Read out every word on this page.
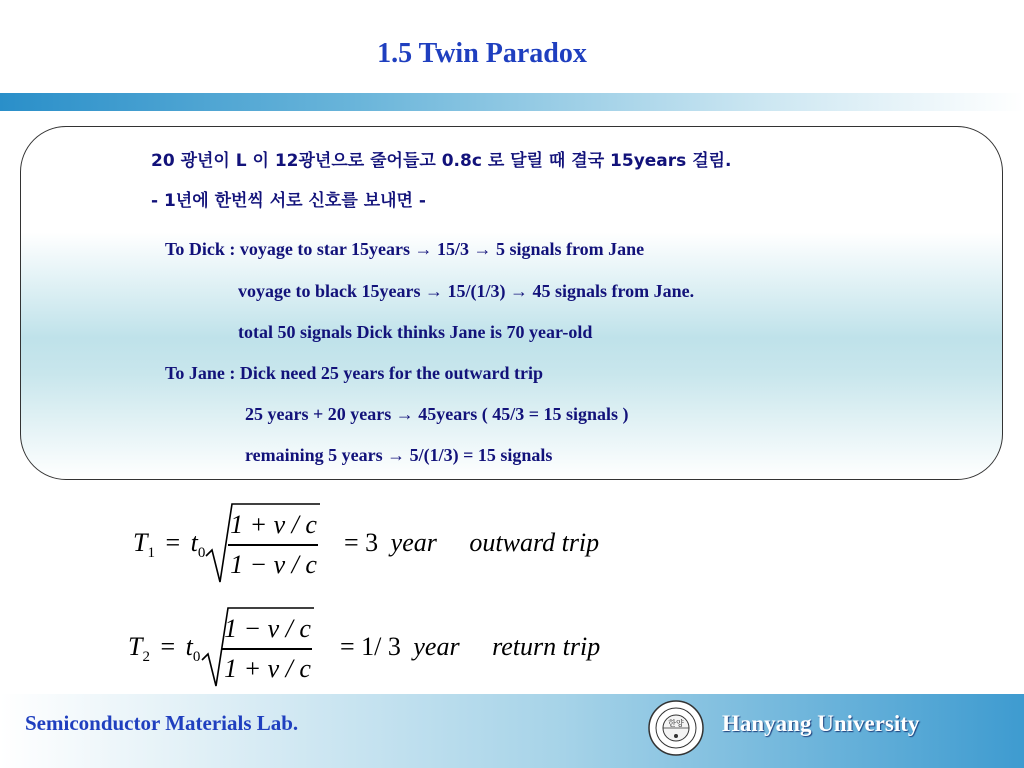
1.5 Twin Paradox
20 광년이 L 이 12광년으로 줄어들고 0.8c 로 달릴 때 결국 15years 걸림.
- 1년에 한번씩 서로 신호를 보내면 -
To Dick : voyage to star 15years → 15/3 → 5 signals from Jane
voyage to black 15years → 15/(1/3) → 45 signals from Jane.
total 50 signals Dick thinks Jane is 70 year-old
To Jane : Dick need 25 years for the outward trip
25 years + 20 years → 45years ( 45/3 = 15 signals )
remaining 5 years → 5/(1/3) = 15 signals
$T_1 = t_0$
1 + v / c
1 − v / c
= 3 year outward trip
$T_2 = t_0$
1 − v / c
1 + v / c
= 1/ 3 year return trip
Semiconductor Materials Lab.	한양 Hanyang University
